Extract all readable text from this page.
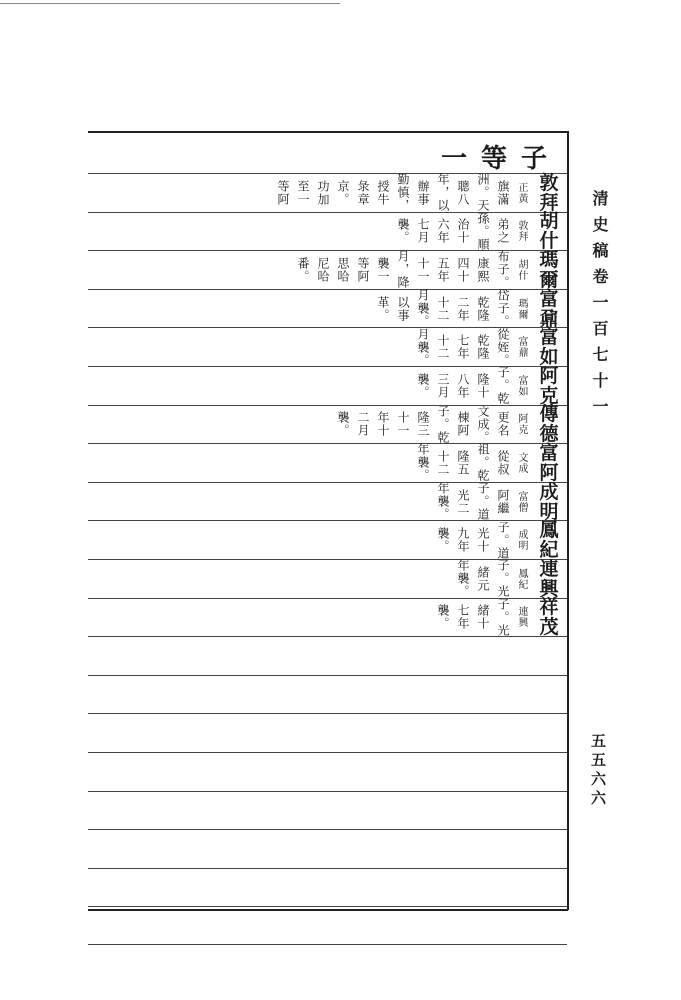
一等子
敦
拜
正黃
旗滿
洲。天
聰八
年，以
辦事
勤慎，
授牛
彔章
京。
功加
至一
等阿
胡
什
敦拜
弟之
孫。順
治十
六年
七月
襲。
瑪
爾
胡什
布子。
康熙
四十
五年
十一
月，降
襲一
等阿
思哈
尼哈
番。
富
鼐
瑪爾
岱子。
乾隆
二年
十二
月襲。
以事
革。
富
如
富鼐
從姪。
乾隆
七年
十二
月襲。
阿
克
富如
子。乾
隆十
八年
三月
襲。
傳
德
阿克
更名
文成。
棟阿
子。乾
隆三
十一
年十
二月
襲。
富
阿
文成
從叔
祖。乾
隆五
十二
年襲。
成
明
富僧
阿繼
子。道
光二
年襲。
鳳
紀
成明
子。道
光十
九年
襲。
連
興
鳳紀
子。光
緒元
年襲。
祥
茂
連興
子。光
緒十
七年
襲。
清史稿卷一百七十一
五五六六
